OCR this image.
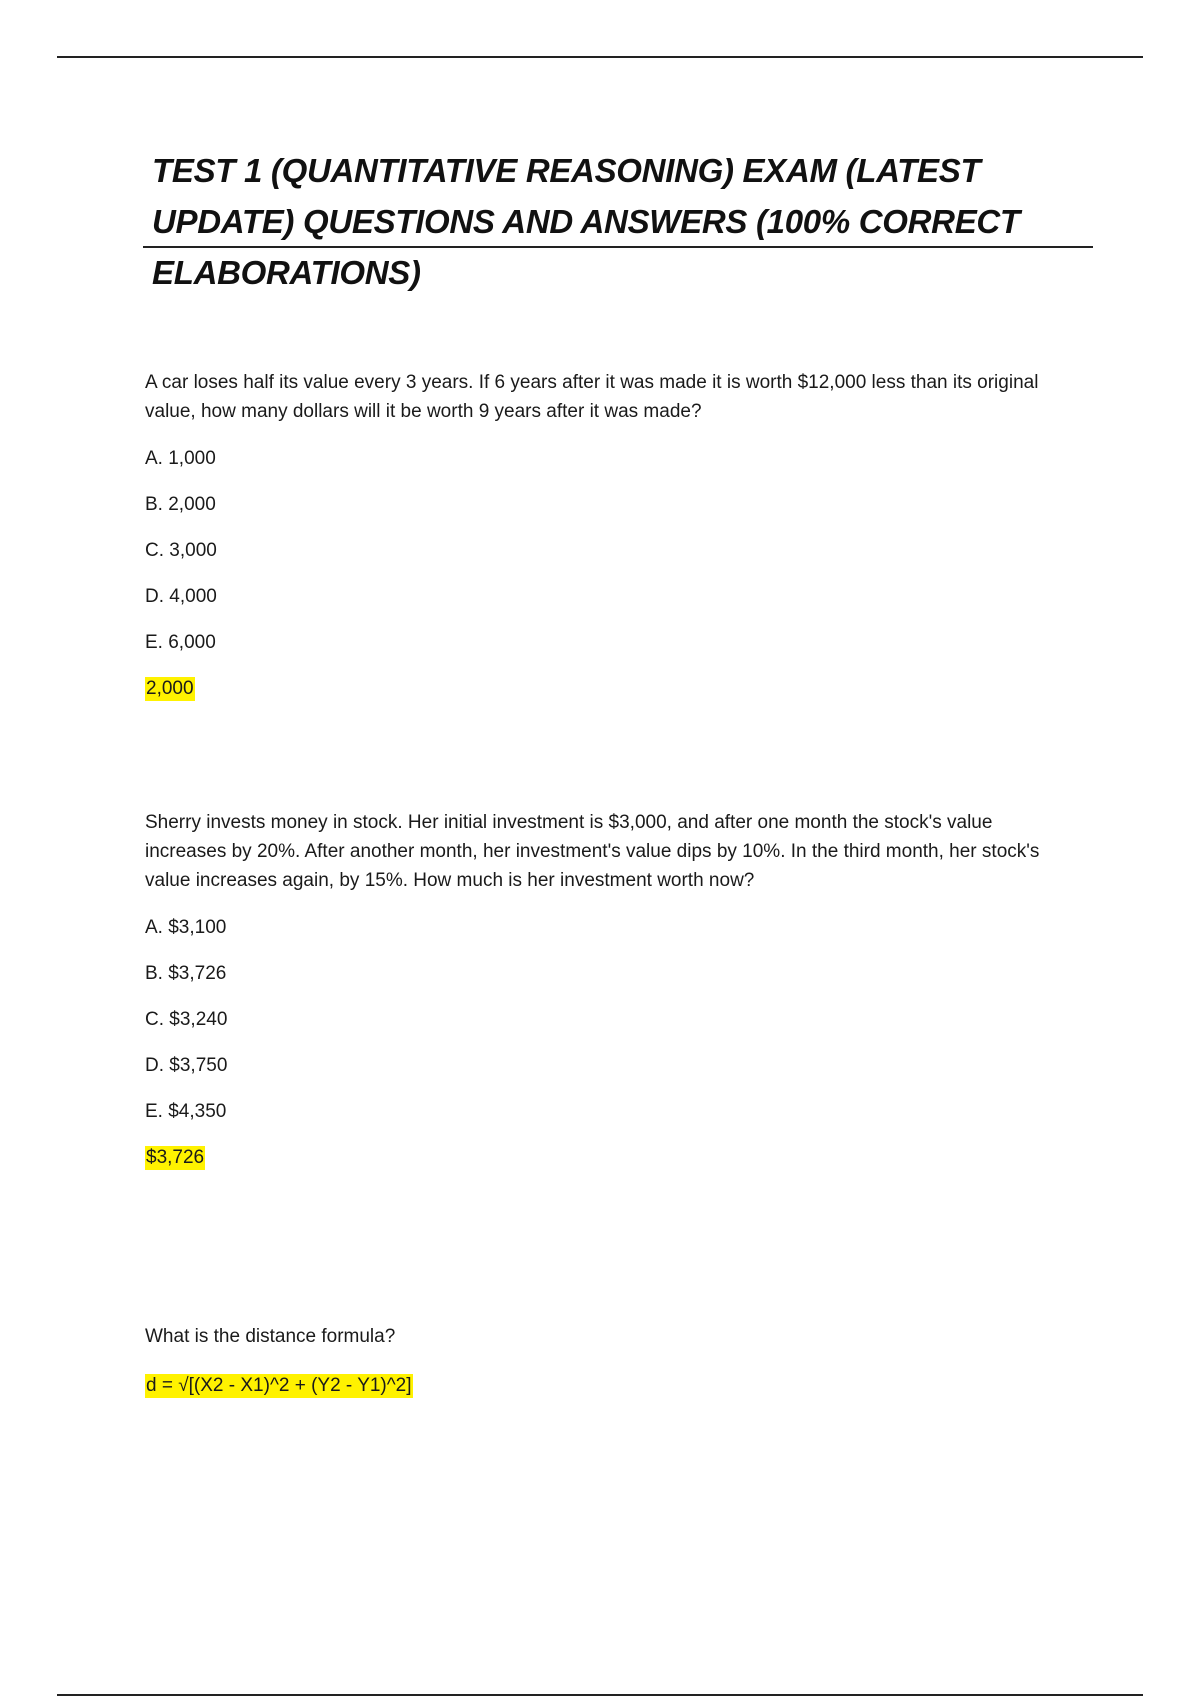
TEST 1 (QUANTITATIVE REASONING) EXAM (LATEST UPDATE) QUESTIONS AND ANSWERS (100% CORRECT ELABORATIONS)

A car loses half its value every 3 years. If 6 years after it was made it is worth $12,000 less than its original value, how many dollars will it be worth 9 years after it was made?

A. 1,000
B. 2,000
C. 3,000
D. 4,000
E. 6,000
2,000

Sherry invests money in stock. Her initial investment is $3,000, and after one month the stock's value increases by 20%. After another month, her investment's value dips by 10%. In the third month, her stock's value increases again, by 15%. How much is her investment worth now?

A. $3,100
B. $3,726
C. $3,240
D. $3,750
E. $4,350
$3,726

What is the distance formula?

d = √[(X2 - X1)^2 + (Y2 - Y1)^2]
